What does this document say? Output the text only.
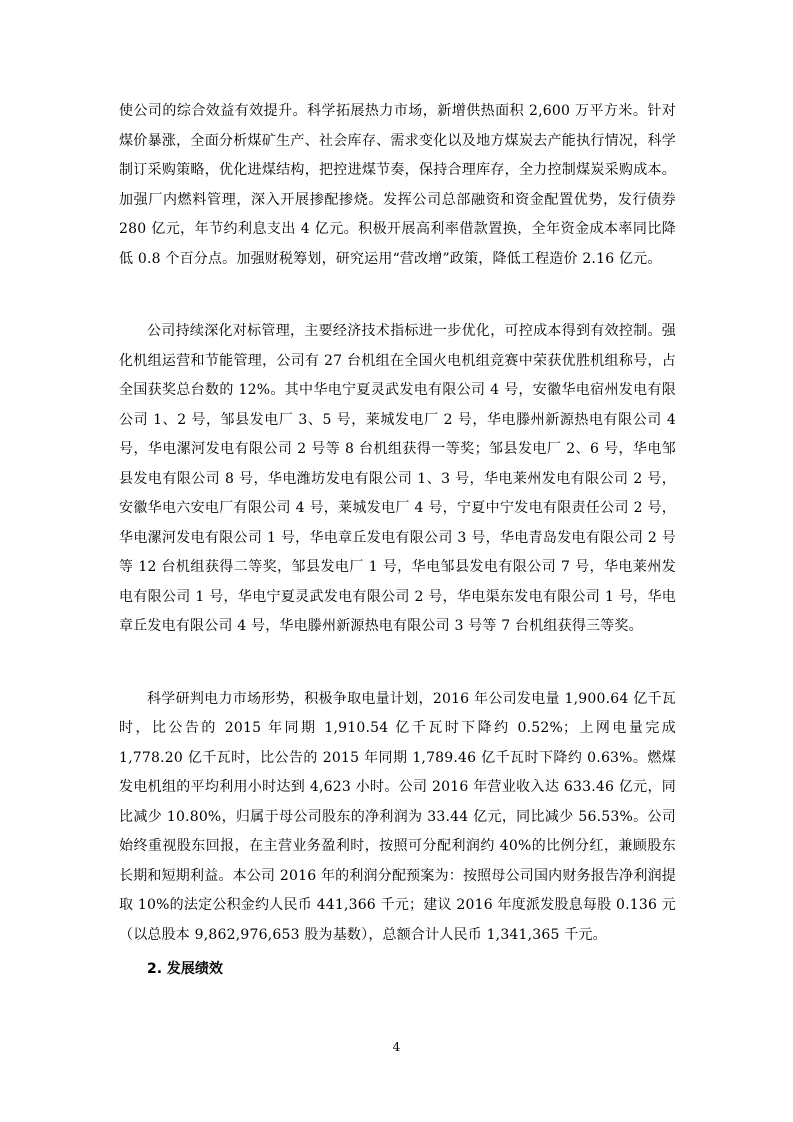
使公司的综合效益有效提升。科学拓展热力市场，新增供热面积 2,600 万平方米。针对煤价暴涨，全面分析煤矿生产、社会库存、需求变化以及地方煤炭去产能执行情况，科学制订采购策略，优化进煤结构，把控进煤节奏，保持合理库存，全力控制煤炭采购成本。加强厂内燃料管理，深入开展掺配掺烧。发挥公司总部融资和资金配置优势，发行债券 280 亿元，年节约利息支出 4 亿元。积极开展高利率借款置换，全年资金成本率同比降低 0.8 个百分点。加强财税筹划，研究运用“营改增”政策，降低工程造价 2.16 亿元。

公司持续深化对标管理，主要经济技术指标进一步优化，可控成本得到有效控制。强化机组运营和节能管理，公司有 27 台机组在全国火电机组竞赛中荣获优胜机组称号，占全国获奖总台数的 12%。其中华电宁夏灵武发电有限公司 4 号，安徽华电宿州发电有限公司 1、2 号，邹县发电厂 3、5 号，莱城发电厂 2 号，华电滕州新源热电有限公司 4 号，华电漯河发电有限公司 2 号等 8 台机组获得一等奖；邹县发电厂 2、6 号，华电邹县发电有限公司 8 号，华电潍坊发电有限公司 1、3 号，华电莱州发电有限公司 2 号，安徽华电六安电厂有限公司 4 号，莱城发电厂 4 号，宁夏中宁发电有限责任公司 2 号，华电漯河发电有限公司 1 号，华电章丘发电有限公司 3 号，华电青岛发电有限公司 2 号等 12 台机组获得二等奖，邹县发电厂 1 号，华电邹县发电有限公司 7 号，华电莱州发电有限公司 1 号，华电宁夏灵武发电有限公司 2 号，华电渠东发电有限公司 1 号，华电章丘发电有限公司 4 号，华电滕州新源热电有限公司 3 号等 7 台机组获得三等奖。

科学研判电力市场形势，积极争取电量计划，2016 年公司发电量 1,900.64 亿千瓦时，比公告的 2015 年同期 1,910.54 亿千瓦时下降约 0.52%；上网电量完成 1,778.20 亿千瓦时，比公告的 2015 年同期 1,789.46 亿千瓦时下降约 0.63%。燃煤发电机组的平均利用小时达到 4,623 小时。公司 2016 年营业收入达 633.46 亿元，同比减少 10.80%，归属于母公司股东的净利润为 33.44 亿元，同比减少 56.53%。公司始终重视股东回报，在主营业务盈利时，按照可分配利润约 40%的比例分红，兼顾股东长期和短期利益。本公司 2016 年的利润分配预案为：按照母公司国内财务报告净利润提取 10%的法定公积金约人民币 441,366 千元；建议 2016 年度派发股息每股 0.136 元（以总股本 9,862,976,653 股为基数），总额合计人民币 1,341,365 千元。

2. 发展绩效
4
